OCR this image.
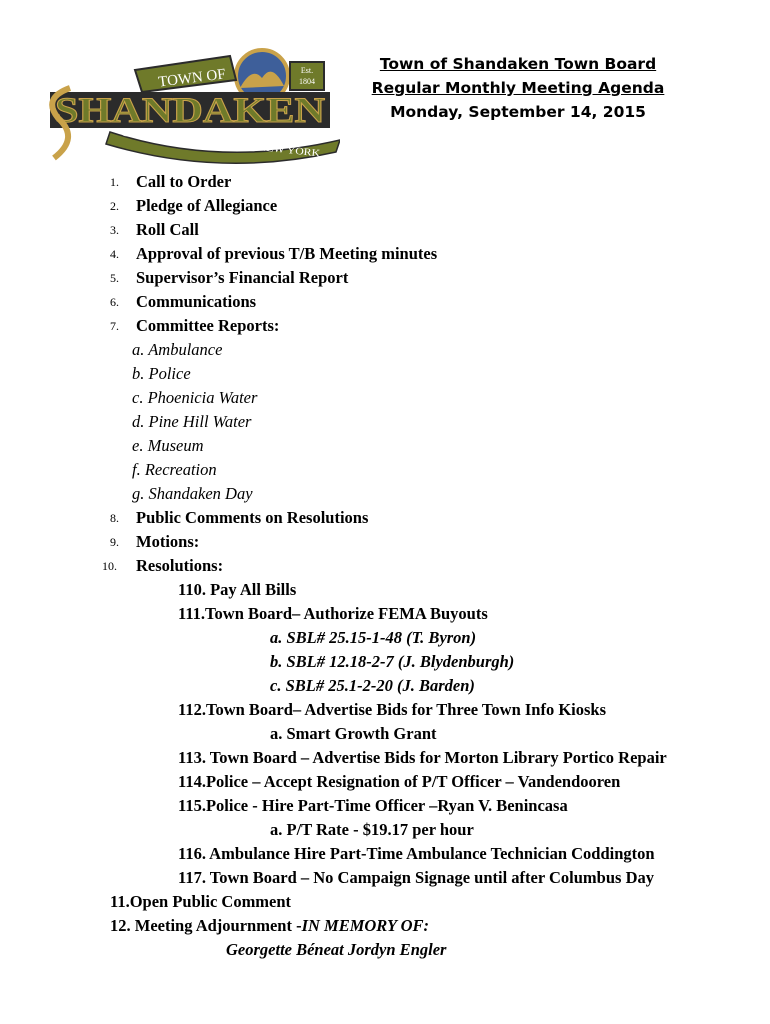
TOWN OF	Est.
1804
SHANDAKEN
CATSKILL MOUNTAINS • NEW YORK
Town of Shandaken Town Board
Regular Monthly Meeting Agenda
Monday, September 14, 2015
1. Call to Order
2. Pledge of Allegiance
3. Roll Call
4. Approval of previous T/B Meeting minutes
5. Supervisor’s Financial Report
6. Communications
7. Committee Reports:
a. Ambulance
b. Police
c. Phoenicia Water
d. Pine Hill Water
e. Museum
f. Recreation
g. Shandaken Day
8. Public Comments on Resolutions
9. Motions:
10. Resolutions:
110. Pay All Bills
111.Town Board– Authorize FEMA Buyouts
a. SBL# 25.15-1-48 (T. Byron)
b. SBL# 12.18-2-7 (J. Blydenburgh)
c. SBL# 25.1-2-20 (J. Barden)
112.Town Board– Advertise Bids for Three Town Info Kiosks
a. Smart Growth Grant
113. Town Board – Advertise Bids for Morton Library Portico Repair
114.Police – Accept Resignation of P/T Officer – Vandendooren
115.Police - Hire Part-Time Officer –Ryan V. Benincasa
a. P/T Rate - $19.17 per hour
116. Ambulance Hire Part-Time Ambulance Technician Coddington
117. Town Board – No Campaign Signage until after Columbus Day
11.Open Public Comment
12. Meeting Adjournment -IN MEMORY OF:
Georgette Béneat Jordyn Engler
